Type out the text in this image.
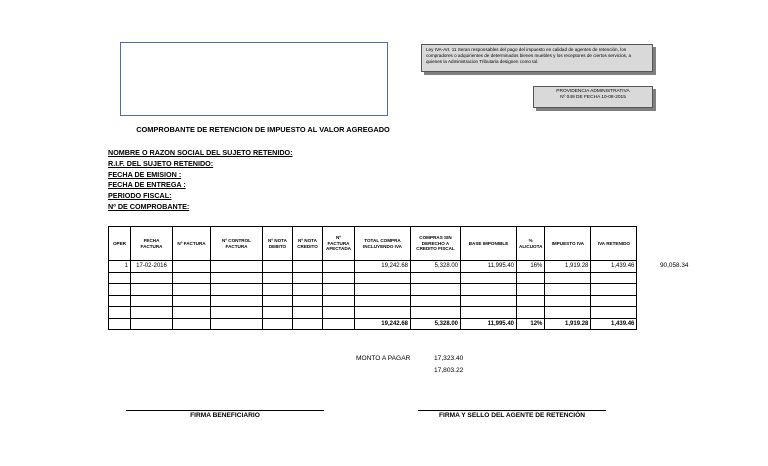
Ley IVA-Art. 11 Seran responsables del pago del impuesto en calidad de agentes de retención, los compradores o adquirientes de determinados bienes muebles y los receptores de ciertos servicios, a quienes la Administracion Tributaria designen como tal.
PROVIDENCIA ADMINISTRATIVA
Nº 049 DE FECHA 10-08-2015
COMPROBANTE DE RETENCION DE IMPUESTO AL VALOR AGREGADO
NOMBRE O RAZON SOCIAL DEL SUJETO RETENIDO:
R.I.F. DEL SUJETO RETENIDO:
FECHA DE EMISION :
FECHA DE ENTREGA :
PERIODO FISCAL:
Nº DE COMPROBANTE:
OPER	FECHA FACTURA	Nº FACTURA	Nº CONTROL FACTURA	Nº NOTA DEBITO	Nº NOTA CREDITO	Nº FACTURA AFECTADA	TOTAL COMPRA INCLUYENDO IVA	COMPRAS SIN DERECHO A CREDITO FISCAL	BASE IMPONIBLE	% ALICUOTA	IMPUESTO IVA	IVA RETENIDO
1	17-02-2016						19,242.68	5,328.00	11,995.40	16%	1,919.28	1,439.46

							19,242.68	5,328.00	11,995.40	12%	1,919.28	1,439.46
90,058.34
MONTO A PAGAR	17,323.40
17,803.22
FIRMA BENEFICIARIO	FIRMA Y SELLO DEL AGENTE DE RETENCIÓN
